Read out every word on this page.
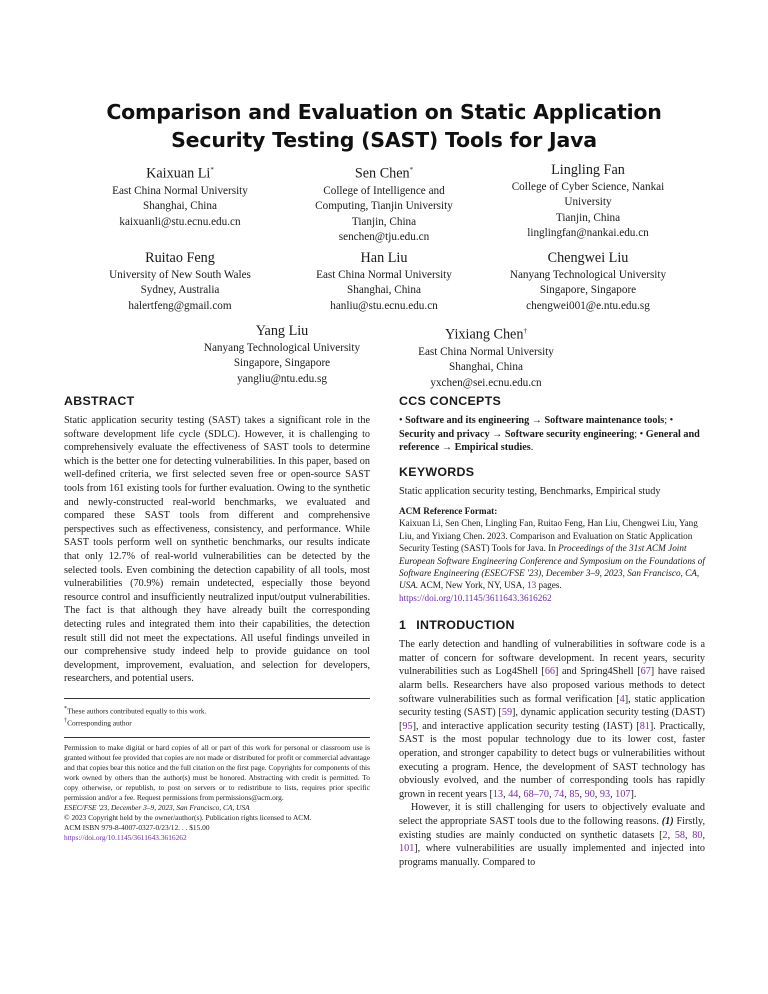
Comparison and Evaluation on Static Application Security Testing (SAST) Tools for Java
Kaixuan Li*
East China Normal University
Shanghai, China
kaixuanli@stu.ecnu.edu.cn
Sen Chen*
College of Intelligence and
Computing, Tianjin University
Tianjin, China
senchen@tju.edu.cn
Lingling Fan
College of Cyber Science, Nankai
University
Tianjin, China
linglingfan@nankai.edu.cn
Ruitao Feng
University of New South Wales
Sydney, Australia
halertfeng@gmail.com
Han Liu
East China Normal University
Shanghai, China
hanliu@stu.ecnu.edu.cn
Chengwei Liu
Nanyang Technological University
Singapore, Singapore
chengwei001@e.ntu.edu.sg
Yang Liu
Nanyang Technological University
Singapore, Singapore
yangliu@ntu.edu.sg
Yixiang Chen†
East China Normal University
Shanghai, China
yxchen@sei.ecnu.edu.cn
ABSTRACT
Static application security testing (SAST) takes a significant role in the software development life cycle (SDLC). However, it is challenging to comprehensively evaluate the effectiveness of SAST tools to determine which is the better one for detecting vulnerabilities. In this paper, based on well-defined criteria, we first selected seven free or open-source SAST tools from 161 existing tools for further evaluation. Owing to the synthetic and newly-constructed real-world benchmarks, we evaluated and compared these SAST tools from different and comprehensive perspectives such as effectiveness, consistency, and performance. While SAST tools perform well on synthetic benchmarks, our results indicate that only 12.7% of real-world vulnerabilities can be detected by the selected tools. Even combining the detection capability of all tools, most vulnerabilities (70.9%) remain undetected, especially those beyond resource control and insufficiently neutralized input/output vulnerabilities. The fact is that although they have already built the corresponding detecting rules and integrated them into their capabilities, the detection result still did not meet the expectations. All useful findings unveiled in our comprehensive study indeed help to provide guidance on tool development, improvement, evaluation, and selection for developers, researchers, and potential users.
*These authors contributed equally to this work.
†Corresponding author

Permission to make digital or hard copies of all or part of this work for personal or classroom use is granted without fee provided that copies are not made or distributed for profit or commercial advantage and that copies bear this notice and the full citation on the first page. Copyrights for components of this work owned by others than the author(s) must be honored. Abstracting with credit is permitted. To copy otherwise, or republish, to post on servers or to redistribute to lists, requires prior specific permission and/or a fee. Request permissions from permissions@acm.org.

ESEC/FSE '23, December 3–9, 2023, San Francisco, CA, USA

© 2023 Copyright held by the owner/author(s). Publication rights licensed to ACM.

ACM ISBN 979-8-4007-0327-0/23/12. . . $15.00

https://doi.org/10.1145/3611643.3616262

CCS CONCEPTS
• Software and its engineering → Software maintenance tools; • Security and privacy → Software security engineering; • General and reference → Empirical studies.
KEYWORDS
Static application security testing, Benchmarks, Empirical study
ACM Reference Format:
Kaixuan Li, Sen Chen, Lingling Fan, Ruitao Feng, Han Liu, Chengwei Liu, Yang Liu, and Yixiang Chen. 2023. Comparison and Evaluation on Static Application Security Testing (SAST) Tools for Java. In Proceedings of the 31st ACM Joint European Software Engineering Conference and Symposium on the Foundations of Software Engineering (ESEC/FSE '23), December 3–9, 2023, San Francisco, CA, USA. ACM, New York, NY, USA, 13 pages. https://doi.org/10.1145/3611643.3616262
1 INTRODUCTION

The early detection and handling of vulnerabilities in software code is a matter of concern for software development. In recent years, security vulnerabilities such as Log4Shell [66] and Spring4Shell [67] have raised alarm bells. Researchers have also proposed various methods to detect software vulnerabilities such as formal verification [4], static application security testing (SAST) [59], dynamic application security testing (DAST) [95], and interactive application security testing (IAST) [81]. Practically, SAST is the most popular technology due to its lower cost, faster operation, and stronger capability to detect bugs or vulnerabilities without executing a program. Hence, the development of SAST technology has obviously evolved, and the number of corresponding tools has rapidly grown in recent years [13, 44, 68–70, 74, 85, 90, 93, 107].

However, it is still challenging for users to objectively evaluate and select the appropriate SAST tools due to the following reasons. (1) Firstly, existing studies are mainly conducted on synthetic datasets [2, 58, 80, 101], where vulnerabilities are usually implemented and injected into programs manually. Compared to
